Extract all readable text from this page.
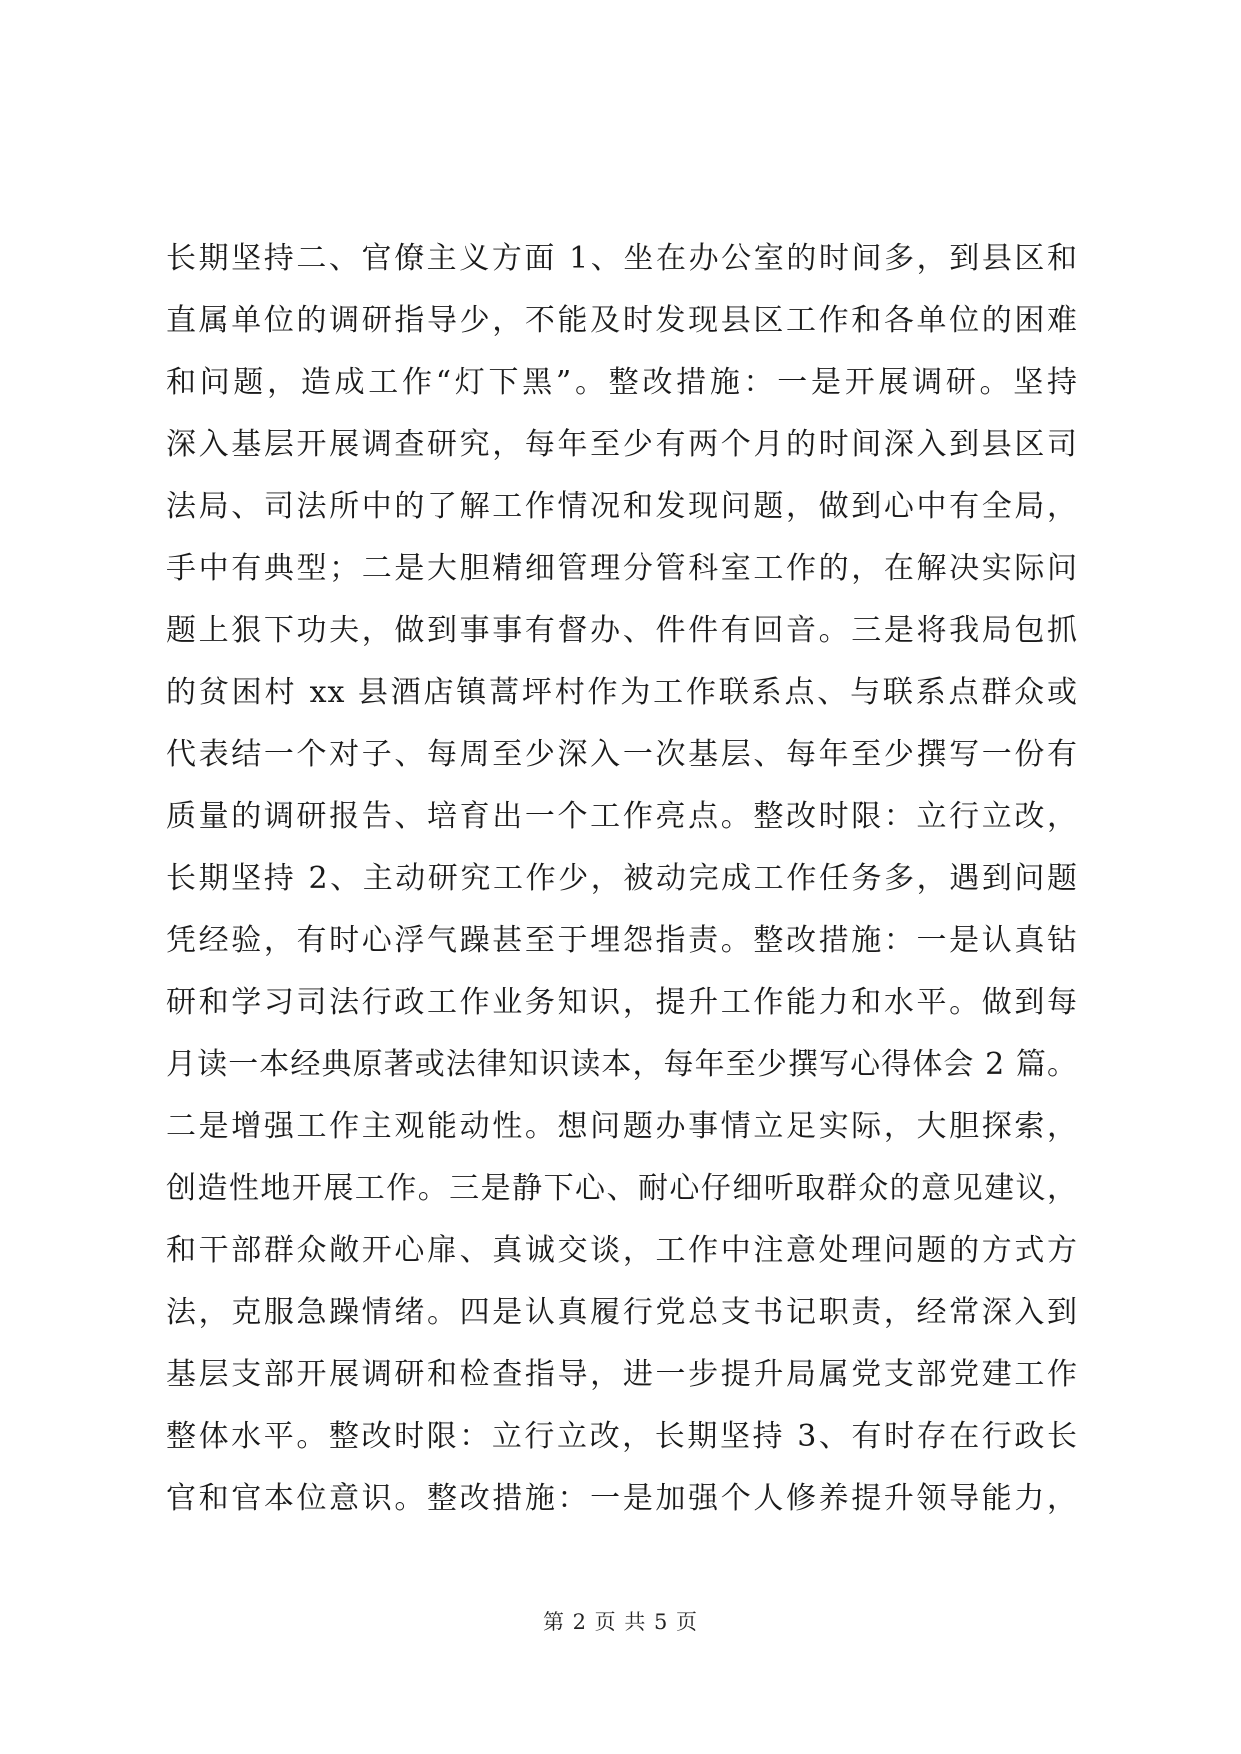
长期坚持二、官僚主义方面 1、坐在办公室的时间多，到县区和
直属单位的调研指导少，不能及时发现县区工作和各单位的困难
和问题，造成工作“灯下黑”。整改措施：一是开展调研。坚持
深入基层开展调查研究，每年至少有两个月的时间深入到县区司
法局、司法所中的了解工作情况和发现问题，做到心中有全局，
手中有典型；二是大胆精细管理分管科室工作的，在解决实际问
题上狠下功夫，做到事事有督办、件件有回音。三是将我局包抓
的贫困村 xx 县酒店镇蒿坪村作为工作联系点、与联系点群众或
代表结一个对子、每周至少深入一次基层、每年至少撰写一份有
质量的调研报告、培育出一个工作亮点。整改时限：立行立改，
长期坚持 2、主动研究工作少，被动完成工作任务多，遇到问题
凭经验，有时心浮气躁甚至于埋怨指责。整改措施：一是认真钻
研和学习司法行政工作业务知识，提升工作能力和水平。做到每
月读一本经典原著或法律知识读本，每年至少撰写心得体会 2 篇。
二是增强工作主观能动性。想问题办事情立足实际，大胆探索，
创造性地开展工作。三是静下心、耐心仔细听取群众的意见建议，
和干部群众敞开心扉、真诚交谈，工作中注意处理问题的方式方
法，克服急躁情绪。四是认真履行党总支书记职责，经常深入到
基层支部开展调研和检查指导，进一步提升局属党支部党建工作
整体水平。整改时限：立行立改，长期坚持 3、有时存在行政长
官和官本位意识。整改措施：一是加强个人修养提升领导能力，
第 2 页 共 5 页
